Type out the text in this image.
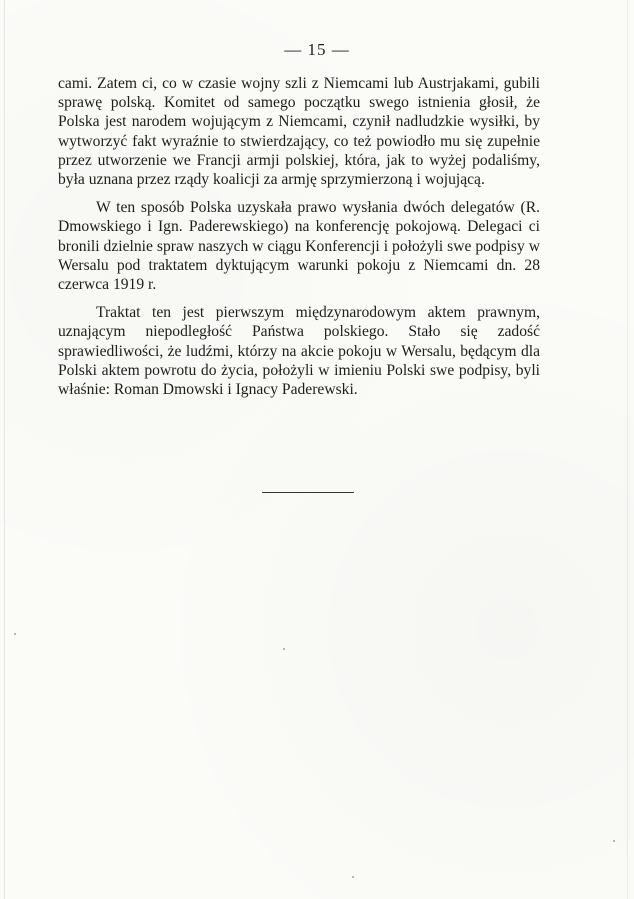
— 15 —

cami. Zatem ci, co w czasie wojny szli z Niemcami lub Austrjakami, gubili sprawę polską. Komitet od samego początku swego istnienia głosił, że Polska jest narodem wojującym z Niemcami, czynił nadludzkie wysiłki, by wytworzyć fakt wyraźnie to stwierdzający, co też powiodło mu się zupełnie przez utworzenie we Francji armji polskiej, która, jak to wyżej podaliśmy, była uznana przez rządy koalicji za armję sprzymierzoną i wojującą.

W ten sposób Polska uzyskała prawo wysłania dwóch delegatów (R. Dmowskiego i Ign. Paderewskiego) na konferencję pokojową. Delegaci ci bronili dzielnie spraw naszych w ciągu Konferencji i położyli swe podpisy w Wersalu pod traktatem dyktującym warunki pokoju z Niemcami dn. 28 czerwca 1919 r.

Traktat ten jest pierwszym międzynarodowym aktem prawnym, uznającym niepodległość Państwa polskiego. Stało się zadość sprawiedliwości, że ludźmi, którzy na akcie pokoju w Wersalu, będącym dla Polski aktem powrotu do życia, położyli w imieniu Polski swe podpisy, byli właśnie: Roman Dmowski i Ignacy Paderewski.
